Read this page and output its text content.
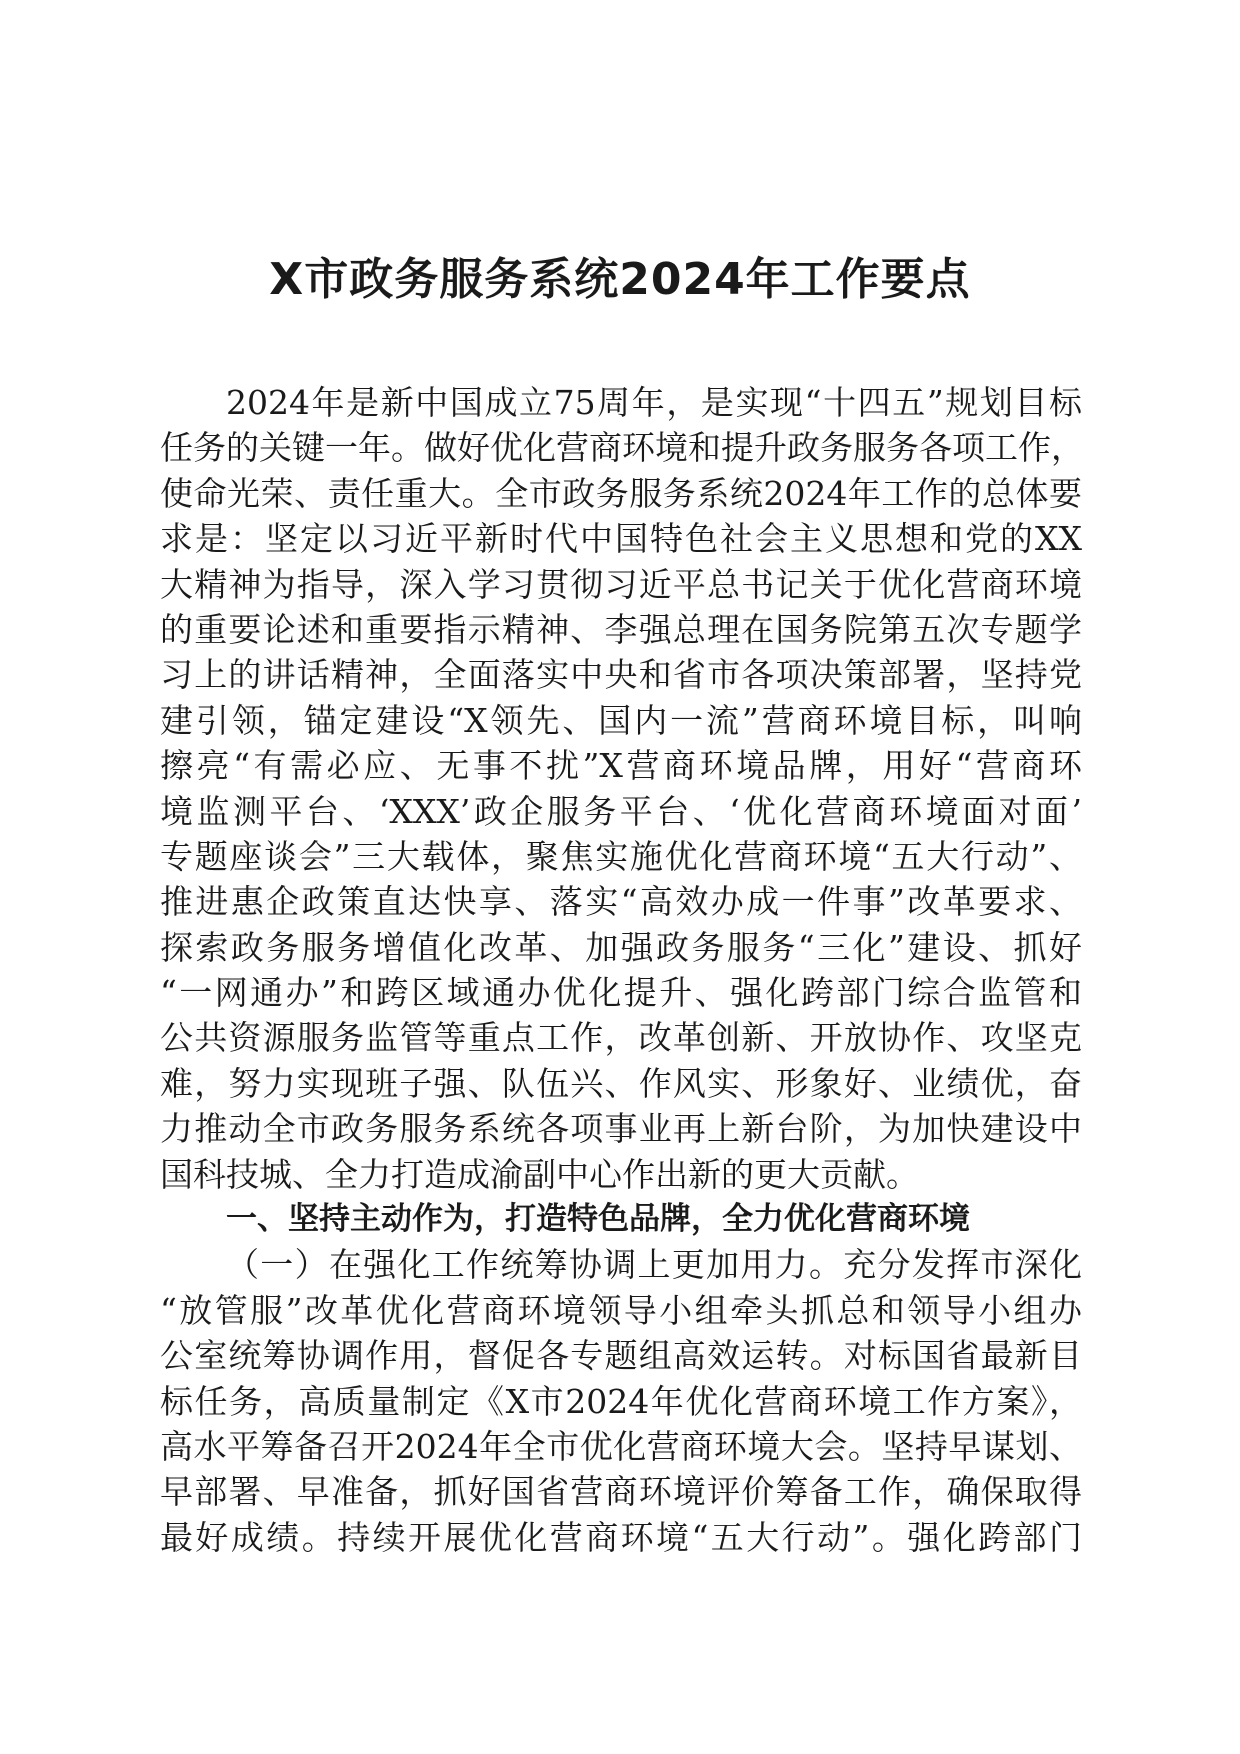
X市政务服务系统2024年工作要点
2024年是新中国成立75周年，是实现“十四五”规划目标
任务的关键一年。做好优化营商环境和提升政务服务各项工作，
使命光荣、责任重大。全市政务服务系统2024年工作的总体要
求是：坚定以习近平新时代中国特色社会主义思想和党的XX
大精神为指导，深入学习贯彻习近平总书记关于优化营商环境
的重要论述和重要指示精神、李强总理在国务院第五次专题学
习上的讲话精神，全面落实中央和省市各项决策部署，坚持党
建引领，锚定建设“X领先、国内一流”营商环境目标，叫响
擦亮“有需必应、无事不扰”X营商环境品牌，用好“营商环
境监测平台、‘XXX’政企服务平台、‘优化营商环境面对面’
专题座谈会”三大载体，聚焦实施优化营商环境“五大行动”、
推进惠企政策直达快享、落实“高效办成一件事”改革要求、
探索政务服务增值化改革、加强政务服务“三化”建设、抓好
“一网通办”和跨区域通办优化提升、强化跨部门综合监管和
公共资源服务监管等重点工作，改革创新、开放协作、攻坚克
难，努力实现班子强、队伍兴、作风实、形象好、业绩优，奋
力推动全市政务服务系统各项事业再上新台阶，为加快建设中
国科技城、全力打造成渝副中心作出新的更大贡献。
一、坚持主动作为，打造特色品牌，全力优化营商环境
（一）在强化工作统筹协调上更加用力。充分发挥市深化
“放管服”改革优化营商环境领导小组牵头抓总和领导小组办
公室统筹协调作用，督促各专题组高效运转。对标国省最新目
标任务，高质量制定《X市2024年优化营商环境工作方案》，
高水平筹备召开2024年全市优化营商环境大会。坚持早谋划、
早部署、早准备，抓好国省营商环境评价筹备工作，确保取得
最好成绩。持续开展优化营商环境“五大行动”。强化跨部门
